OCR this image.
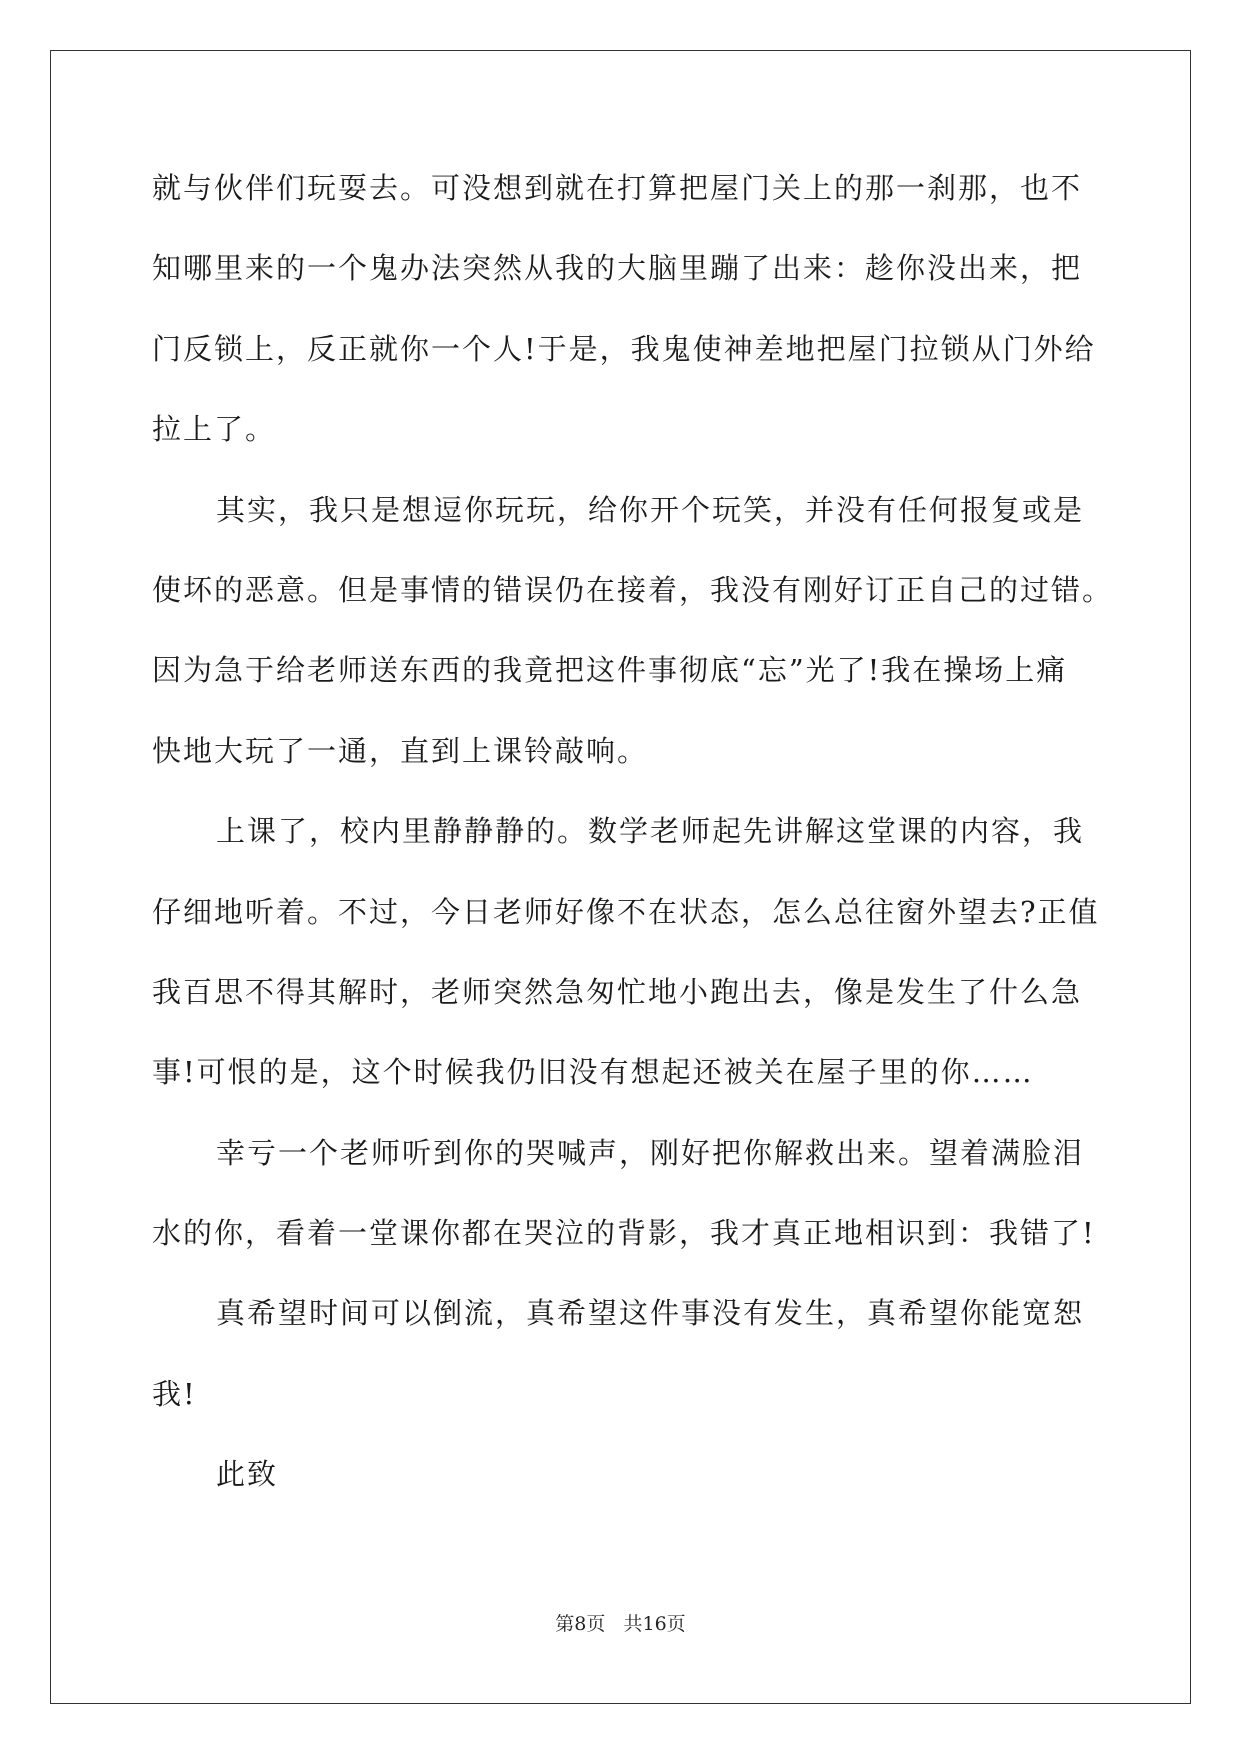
就与伙伴们玩耍去。可没想到就在打算把屋门关上的那一刹那，也不
知哪里来的一个鬼办法突然从我的大脑里蹦了出来：趁你没出来，把
门反锁上，反正就你一个人!于是，我鬼使神差地把屋门拉锁从门外给
拉上了。
其实，我只是想逗你玩玩，给你开个玩笑，并没有任何报复或是
使坏的恶意。但是事情的错误仍在接着，我没有刚好订正自己的过错。
因为急于给老师送东西的我竟把这件事彻底“忘”光了!我在操场上痛
快地大玩了一通，直到上课铃敲响。
上课了，校内里静静静的。数学老师起先讲解这堂课的内容，我
仔细地听着。不过，今日老师好像不在状态，怎么总往窗外望去?正值
我百思不得其解时，老师突然急匆忙地小跑出去，像是发生了什么急
事!可恨的是，这个时候我仍旧没有想起还被关在屋子里的你……
幸亏一个老师听到你的哭喊声，刚好把你解救出来。望着满脸泪
水的你，看着一堂课你都在哭泣的背影，我才真正地相识到：我错了!
真希望时间可以倒流，真希望这件事没有发生，真希望你能宽恕
我!
此致
第8页   共16页
